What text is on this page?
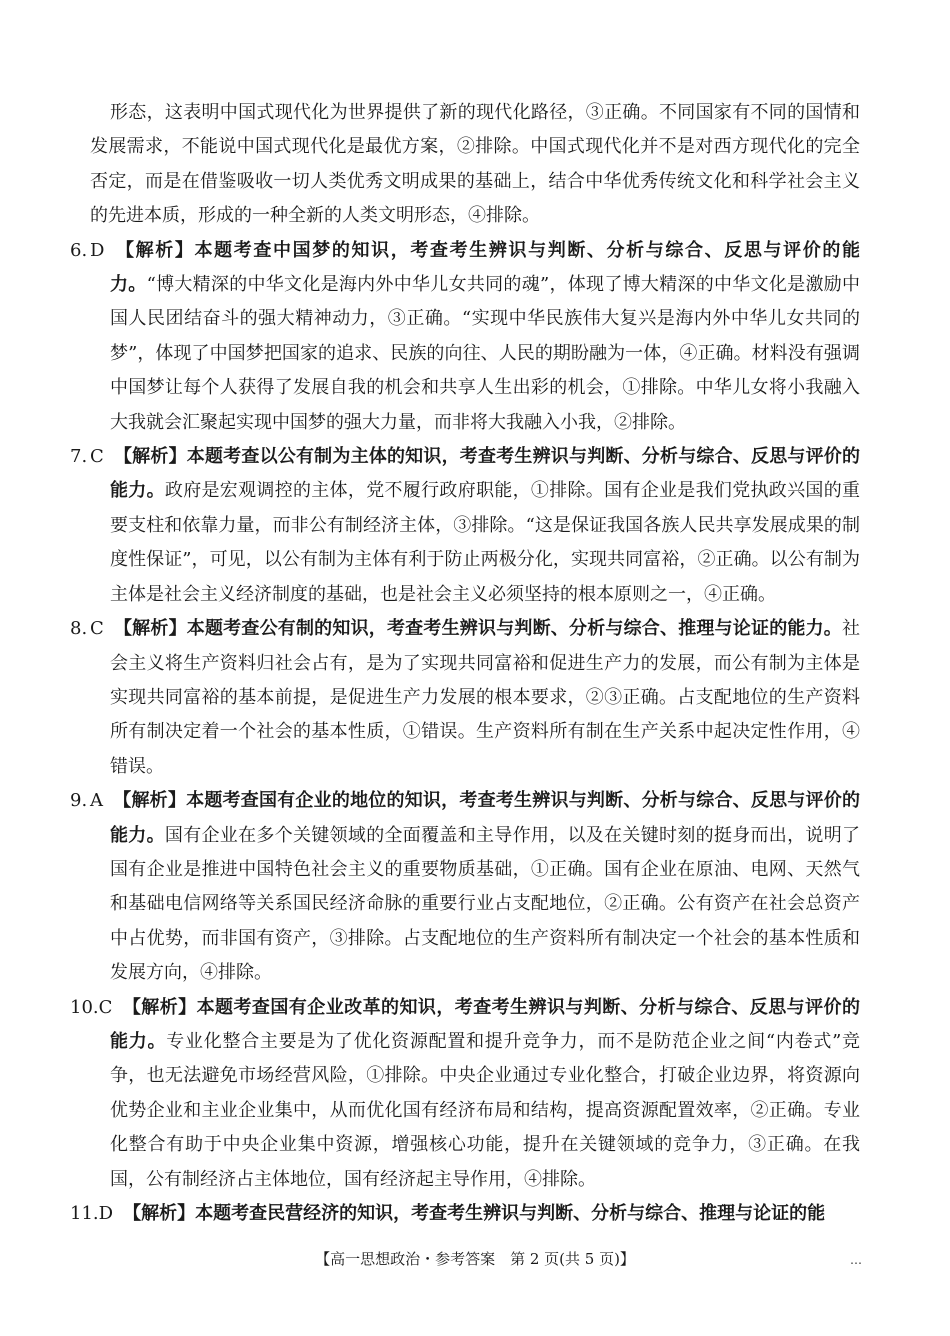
形态，这表明中国式现代化为世界提供了新的现代化路径，③正确。不同国家有不同的国情和发展需求，不能说中国式现代化是最优方案，②排除。中国式现代化并不是对西方现代化的完全否定，而是在借鉴吸收一切人类优秀文明成果的基础上，结合中华优秀传统文化和科学社会主义的先进本质，形成的一种全新的人类文明形态，④排除。

6. D 【解析】本题考查中国梦的知识，考查考生辨识与判断、分析与综合、反思与评价的能力。“博大精深的中华文化是海内外中华儿女共同的魂”，体现了博大精深的中华文化是激励中国人民团结奋斗的强大精神动力，③正确。“实现中华民族伟大复兴是海内外中华儿女共同的梦”，体现了中国梦把国家的追求、民族的向往、人民的期盼融为一体，④正确。材料没有强调中国梦让每个人获得了发展自我的机会和共享人生出彩的机会，①排除。中华儿女将小我融入大我就会汇聚起实现中国梦的强大力量，而非将大我融入小我，②排除。

7. C 【解析】本题考查以公有制为主体的知识，考查考生辨识与判断、分析与综合、反思与评价的能力。政府是宏观调控的主体，党不履行政府职能，①排除。国有企业是我们党执政兴国的重要支柱和依靠力量，而非公有制经济主体，③排除。“这是保证我国各族人民共享发展成果的制度性保证”，可见，以公有制为主体有利于防止两极分化，实现共同富裕，②正确。以公有制为主体是社会主义经济制度的基础，也是社会主义必须坚持的根本原则之一，④正确。

8. C 【解析】本题考查公有制的知识，考查考生辨识与判断、分析与综合、推理与论证的能力。社会主义将生产资料归社会占有，是为了实现共同富裕和促进生产力的发展，而公有制为主体是实现共同富裕的基本前提，是促进生产力发展的根本要求，②③正确。占支配地位的生产资料所有制决定着一个社会的基本性质，①错误。生产资料所有制在生产关系中起决定性作用，④错误。

9. A 【解析】本题考查国有企业的地位的知识，考查考生辨识与判断、分析与综合、反思与评价的能力。国有企业在多个关键领域的全面覆盖和主导作用，以及在关键时刻的挺身而出，说明了国有企业是推进中国特色社会主义的重要物质基础，①正确。国有企业在原油、电网、天然气和基础电信网络等关系国民经济命脉的重要行业占支配地位，②正确。公有资产在社会总资产中占优势，而非国有资产，③排除。占支配地位的生产资料所有制决定一个社会的基本性质和发展方向，④排除。

10.C 【解析】本题考查国有企业改革的知识，考查考生辨识与判断、分析与综合、反思与评价的能力。专业化整合主要是为了优化资源配置和提升竞争力，而不是防范企业之间“内卷式”竞争，也无法避免市场经营风险，①排除。中央企业通过专业化整合，打破企业边界，将资源向优势企业和主业企业集中，从而优化国有经济布局和结构，提高资源配置效率，②正确。专业化整合有助于中央企业集中资源，增强核心功能，提升在关键领域的竞争力，③正确。在我国，公有制经济占主体地位，国有经济起主导作用，④排除。

11.D 【解析】本题考查民营经济的知识，考查考生辨识与判断、分析与综合、推理与论证的能

【高一思想政治・参考答案　第 2 页(共 5 页)】	…
